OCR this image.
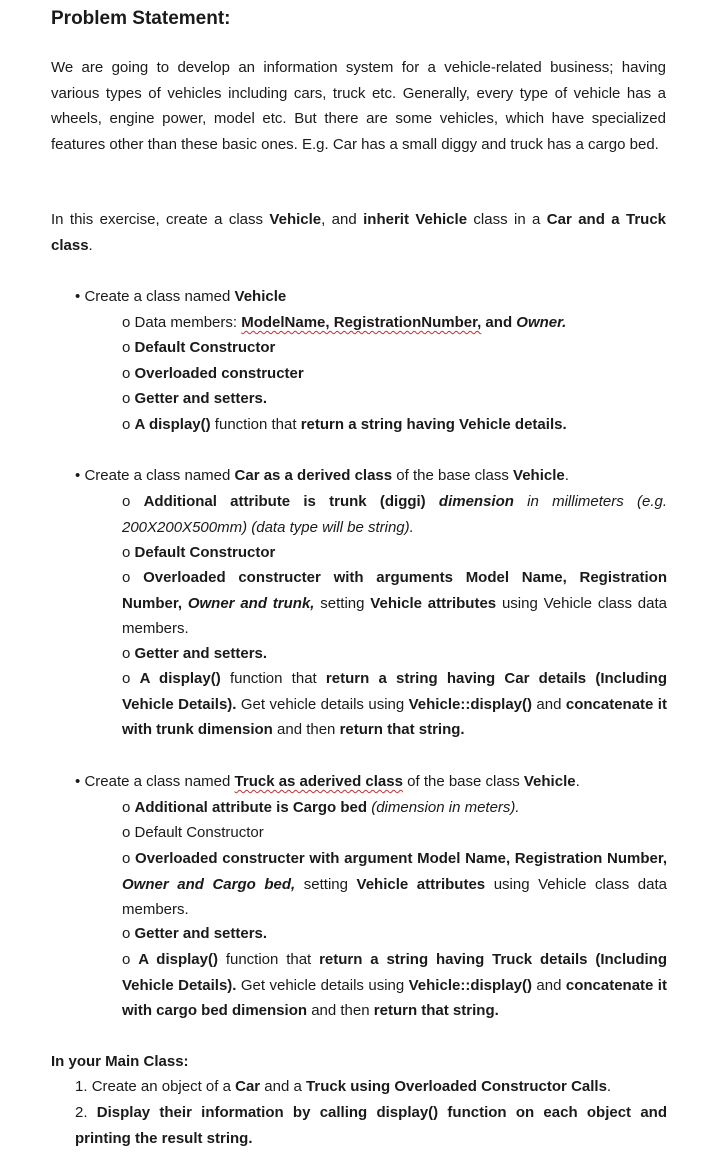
Problem Statement:
We are going to develop an information system for a vehicle-related business; having various types of vehicles including cars, truck etc. Generally, every type of vehicle has a wheels, engine power, model etc. But there are some vehicles, which have specialized features other than these basic ones. E.g. Car has a small diggy and truck has a cargo bed.
In this exercise, create a class Vehicle, and inherit Vehicle class in a Car and a Truck class.
• Create a class named Vehicle
o Data members: ModelName, RegistrationNumber, and Owner.
o Default Constructor
o Overloaded constructer
o Getter and setters.
o A display() function that return a string having Vehicle details.
• Create a class named Car as a derived class of the base class Vehicle.
o Additional attribute is trunk (diggi) dimension in millimeters (e.g. 200X200X500mm) (data type will be string).
o Default Constructor
o Overloaded constructer with arguments Model Name, Registration Number, Owner and trunk, setting Vehicle attributes using Vehicle class data members.
o Getter and setters.
o A display() function that return a string having Car details (Including Vehicle Details). Get vehicle details using Vehicle::display() and concatenate it with trunk dimension and then return that string.
• Create a class named Truck as aderived class of the base class Vehicle.
o Additional attribute is Cargo bed (dimension in meters).
o Default Constructor
o Overloaded constructer with argument Model Name, Registration Number, Owner and Cargo bed, setting Vehicle attributes using Vehicle class data members.
o Getter and setters.
o A display() function that return a string having Truck details (Including Vehicle Details). Get vehicle details using Vehicle::display() and concatenate it with cargo bed dimension and then return that string.
In your Main Class:
1. Create an object of a Car and a Truck using Overloaded Constructor Calls.
2. Display their information by calling display() function on each object and printing the result string.
